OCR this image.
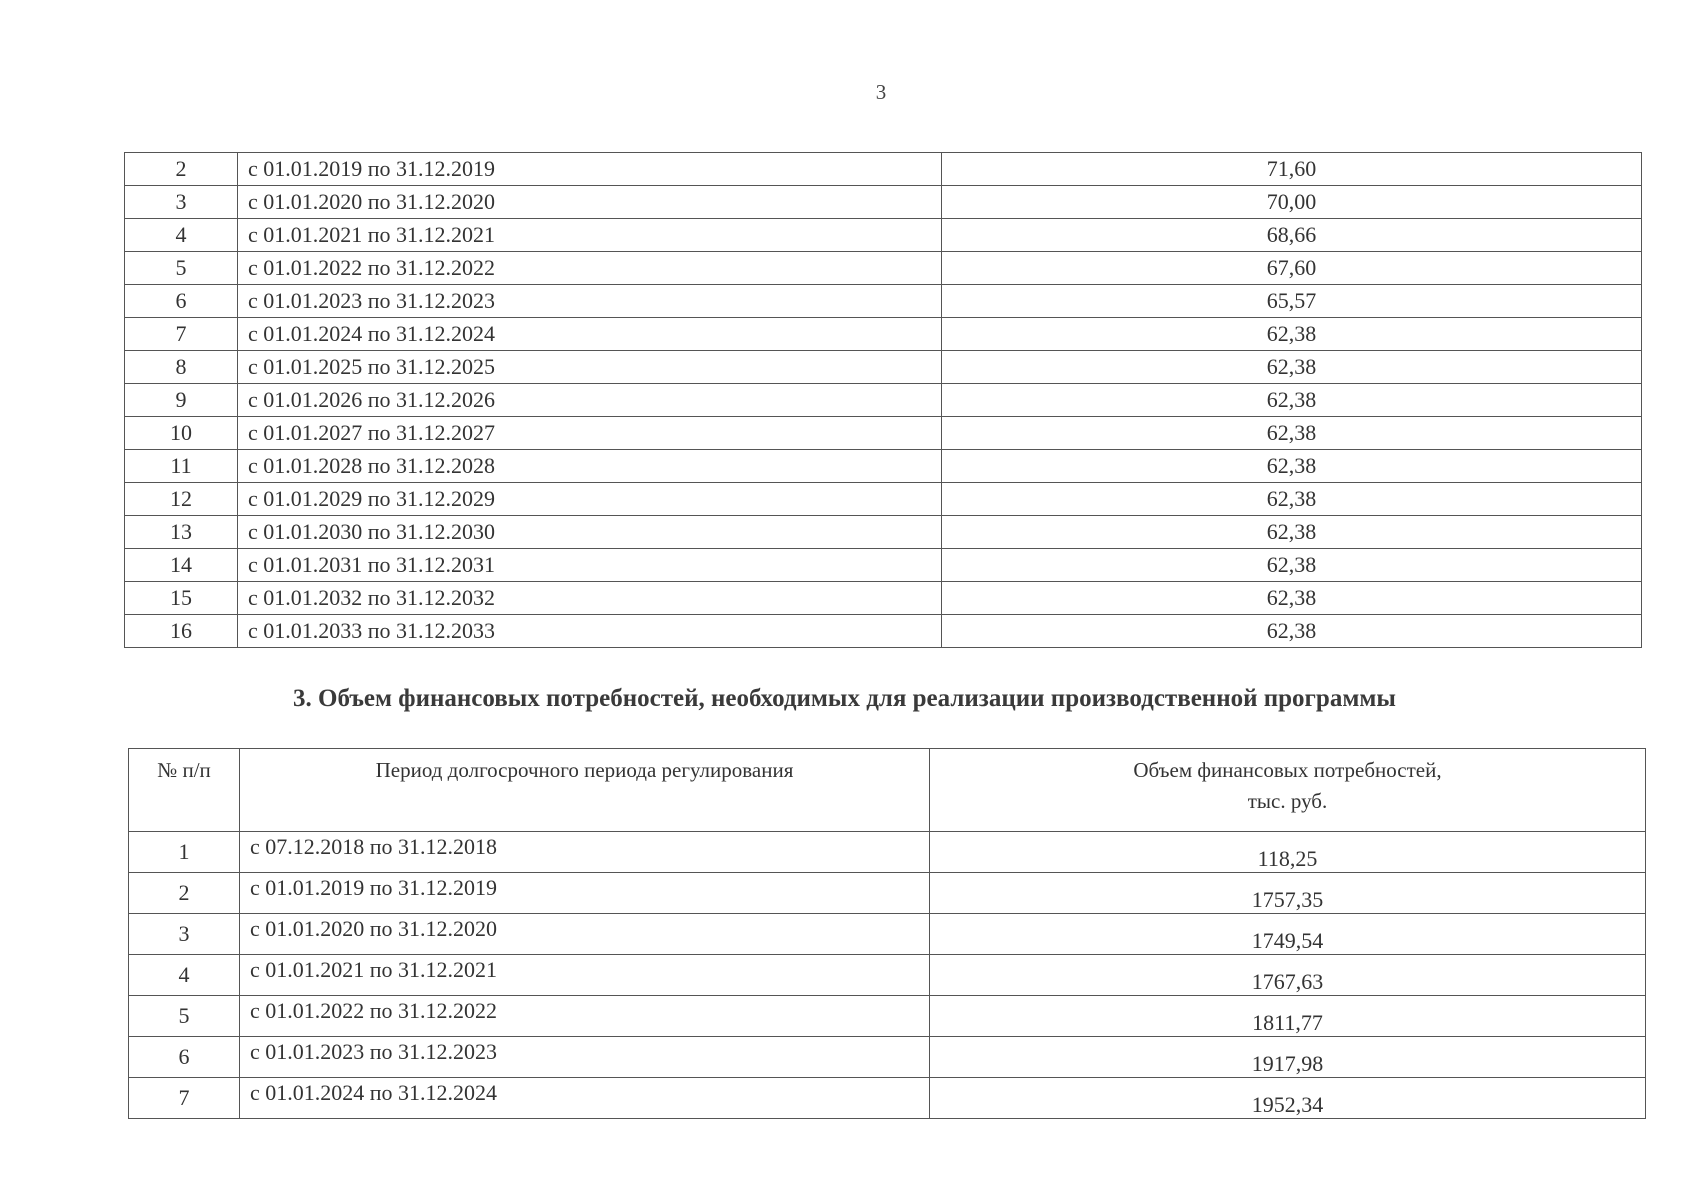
3
2	с 01.01.2019 по 31.12.2019	71,60
3	с 01.01.2020 по 31.12.2020	70,00
4	с 01.01.2021 по 31.12.2021	68,66
5	с 01.01.2022 по 31.12.2022	67,60
6	с 01.01.2023 по 31.12.2023	65,57
7	с 01.01.2024 по 31.12.2024	62,38
8	с 01.01.2025 по 31.12.2025	62,38
9	с 01.01.2026 по 31.12.2026	62,38
10	с 01.01.2027 по 31.12.2027	62,38
11	с 01.01.2028 по 31.12.2028	62,38
12	с 01.01.2029 по 31.12.2029	62,38
13	с 01.01.2030 по 31.12.2030	62,38
14	с 01.01.2031 по 31.12.2031	62,38
15	с 01.01.2032 по 31.12.2032	62,38
16	с 01.01.2033 по 31.12.2033	62,38
3. Объем финансовых потребностей, необходимых для реализации производственной программы
№ п/п	Период долгосрочного периода регулирования	Объем финансовых потребностей,
тыс. руб.

1	с 07.12.2018 по 31.12.2018	118,25
2	с 01.01.2019 по 31.12.2019	1757,35
3	с 01.01.2020 по 31.12.2020	1749,54
4	с 01.01.2021 по 31.12.2021	1767,63
5	с 01.01.2022 по 31.12.2022	1811,77
6	с 01.01.2023 по 31.12.2023	1917,98
7	с 01.01.2024 по 31.12.2024	1952,34
